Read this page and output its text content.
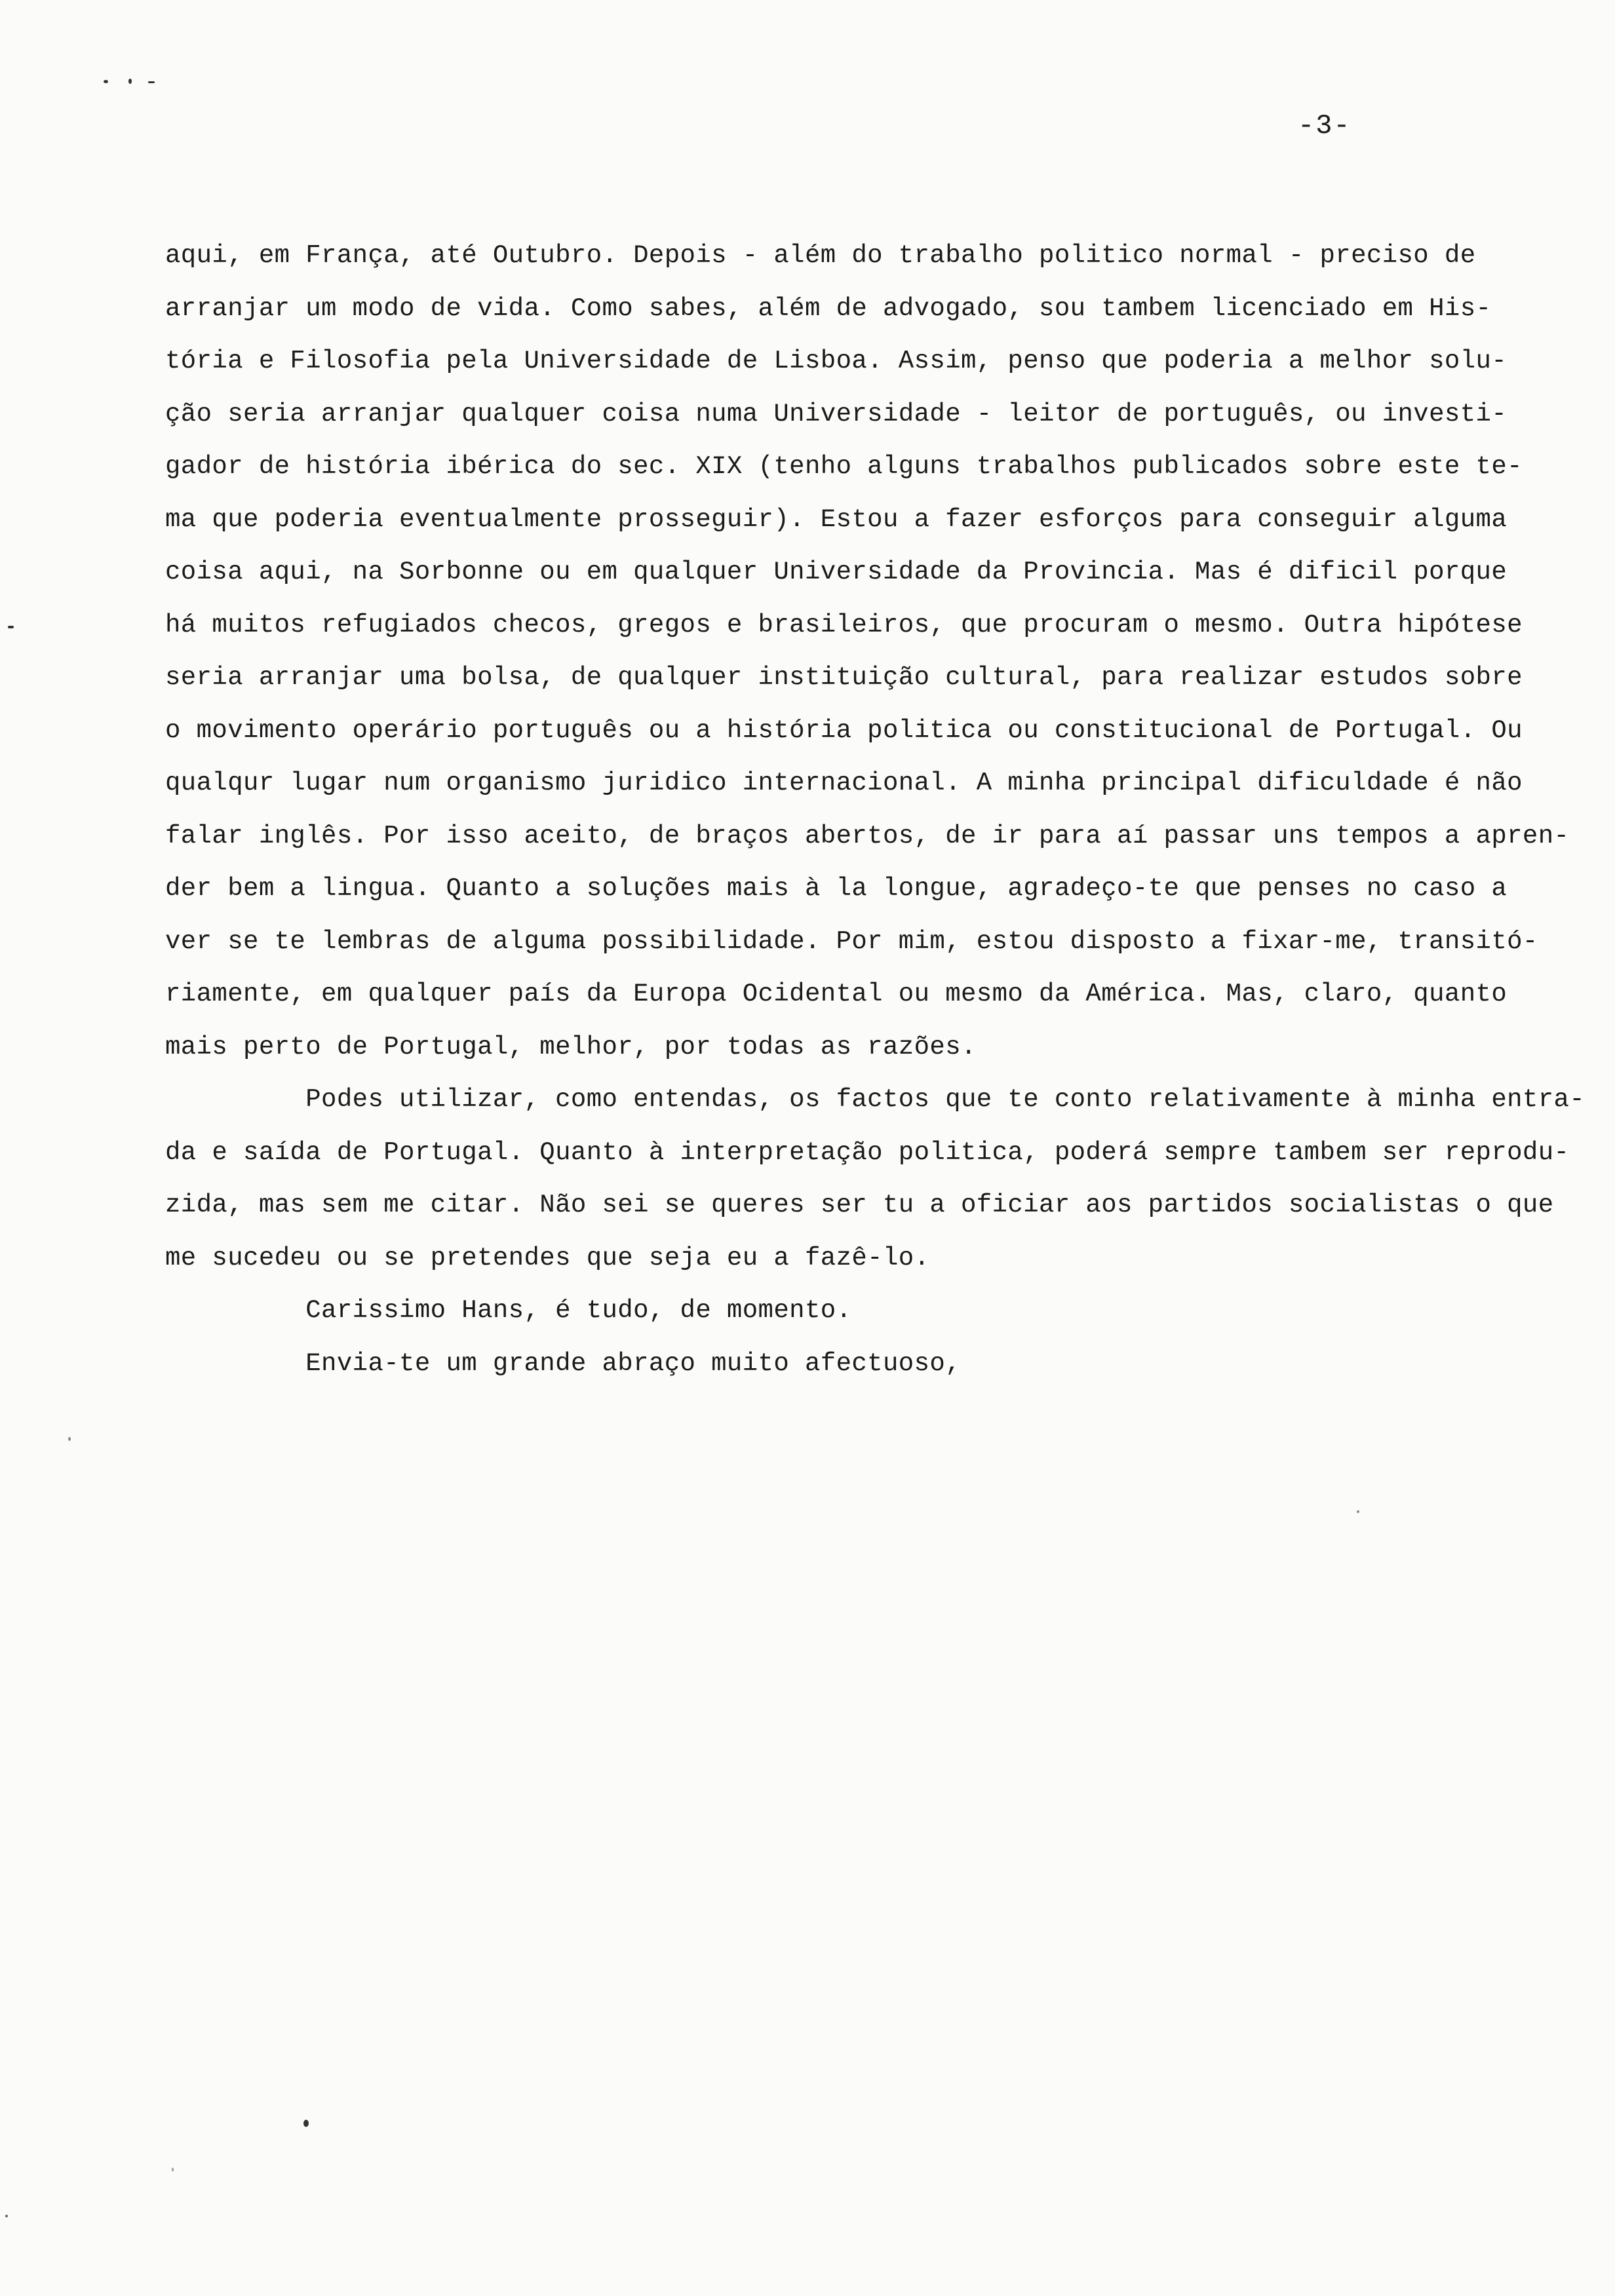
-3-
aqui, em França, até Outubro. Depois - além do trabalho politico normal - preciso de
arranjar um modo de vida. Como sabes, além de advogado, sou tambem licenciado em His-
tória e Filosofia pela Universidade de Lisboa. Assim, penso que poderia a melhor solu-
ção seria arranjar qualquer coisa numa Universidade - leitor de português, ou investi-
gador de história ibérica do sec. XIX (tenho alguns trabalhos publicados sobre este te-
ma que poderia eventualmente prosseguir). Estou a fazer esforços para conseguir alguma
coisa aqui, na Sorbonne ou em qualquer Universidade da Provincia. Mas é dificil porque
há muitos refugiados checos, gregos e brasileiros, que procuram o mesmo. Outra hipótese
seria arranjar uma bolsa, de qualquer instituição cultural, para realizar estudos sobre
o movimento operário português ou a história politica ou constitucional de Portugal. Ou
qualqur lugar num organismo juridico internacional. A minha principal dificuldade é não
falar inglês. Por isso aceito, de braços abertos, de ir para aí passar uns tempos a apren-
der bem a lingua. Quanto a soluções mais à la longue, agradeço-te que penses no caso a
ver se te lembras de alguma possibilidade. Por mim, estou disposto a fixar-me, transitó-
riamente, em qualquer país da Europa Ocidental ou mesmo da América. Mas, claro, quanto
mais perto de Portugal, melhor, por todas as razões.
Podes utilizar, como entendas, os factos que te conto relativamente à minha entra-
da e saída de Portugal. Quanto à interpretação politica, poderá sempre tambem ser reprodu-
zida, mas sem me citar. Não sei se queres ser tu a oficiar aos partidos socialistas o que
me sucedeu ou se pretendes que seja eu a fazê-lo.
Carissimo Hans, é tudo, de momento.
Envia-te um grande abraço muito afectuoso,
